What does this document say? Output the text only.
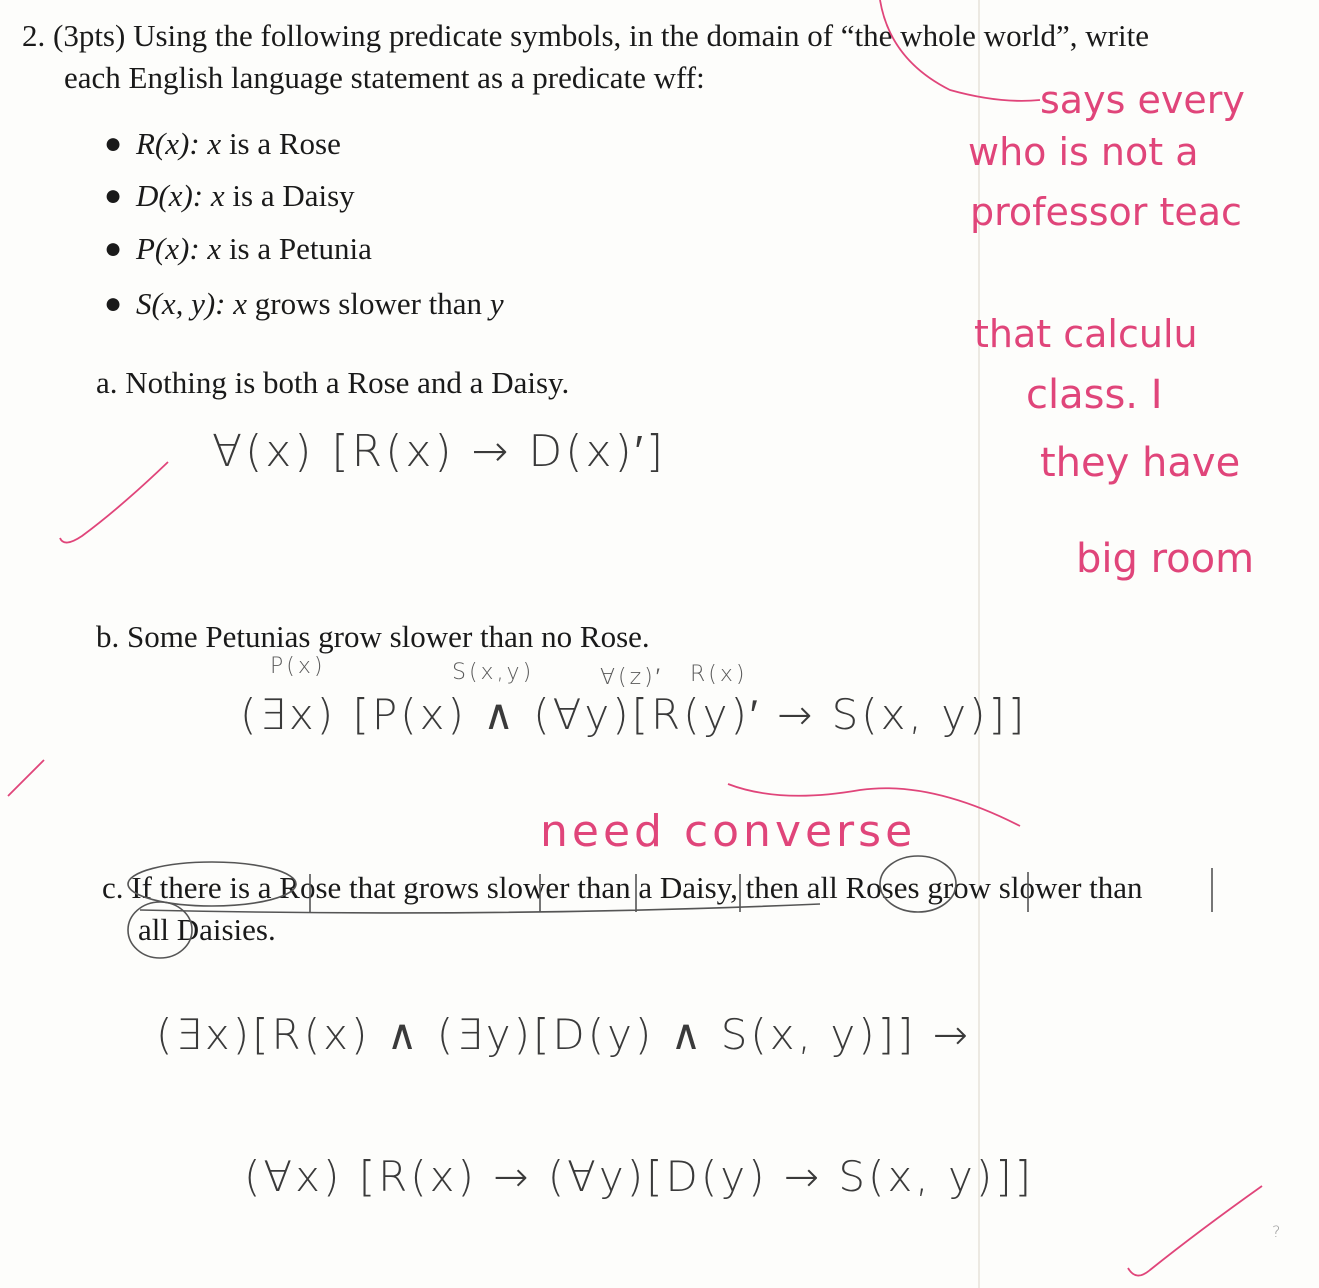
2. (3pts) Using the following predicate symbols, in the domain of “the whole world”, write
each English language statement as a predicate wff:
● R(x): x is a Rose
● D(x): x is a Daisy
● P(x): x is a Petunia
● S(x, y): x grows slower than y
a. Nothing is both a Rose and a Daisy.
∀(x) [R(x) → D(x)′]
b. Some Petunias grow slower than no Rose.
P(x)	S(x,y)	∀(z)′ R(x)
(∃x) [P(x) ∧ (∀y)[R(y)′ → S(x, y)]]
need converse
c. If there is a Rose that grows slower than a Daisy, then all Roses grow slower than
all Daisies.
(∃x)[R(x) ∧ (∃y)[D(y) ∧ S(x, y)]] →
(∀x) [R(x) → (∀y)[D(y) → S(x, y)]]
?
says every
who is not a
professor teac
that calculu
class. I
they have
big room
